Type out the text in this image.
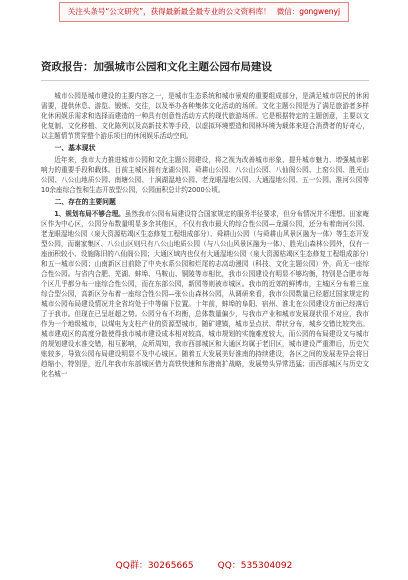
关注头条号“公文研究”，获得最新最全最专业的公文资料库！ 微信：gongwenyj
资政报告：加强城市公园和文化主题公园布局建设

城市公园是城市建设的主要内容之一，是城市生态系统和城市景观的重要组成部分，是满足城市居民的休闲需要，提供休息、游览、锻炼、交往，以及举办各种集体文化活动的场所。文化主题公园是为了满足旅游者多样化休闲娱乐需求和选择而建造的一种具有创意性活动方式的现代旅游场所。它是根据特定的主题创意，主要以文化复制、文化移植、文化陈列以及高新技术等手段，以虚拟环境塑造和园林环境为载体来迎合消费者的好奇心，以主题情节贯穿整个游乐项目的休闲娱乐活动空间。

一、基本现状

近年来，我市大力推进城市公园和文化主题公园建设，将之视为改善城市形象、提升城市魅力、增强城市影响力的重要手段和载体。目前主城区拥有龙湖公园、舜耕山公园、八公山公园、八仙阁公园、上窑公园、胜光山公园、八公山地质公园、南塘公园、十涧湖湿地公园、老龙眼湿地公园、大通湿地公园、五一公园、淮河公园等10余座综合性和生态开放型公园，公园面积总计约2000公顷。

二、存在的主要问题

1、规划布局不够合理。虽然我市公园布局建设符合国家规定的服务半径要求，但分布情况并不理想。田家庵区作为中心区，公园分布数量明显多余其他区，不仅有我市最大的综合性公园—龙湖公园，还分布着南河公园、老龙眼湿地公园（泉大资源枯竭区生态修复工程组成部分）、舜耕山公园（与舜耕山风景区融为一体）等生态开发型公园，而谢家集区、八公山区则只有八公山地质公园（与八公山风景区融为一体）、胜光山森林公园外，仅有一座面积较小、设施陈旧的八仙阁公园；大通区域内也仅有大通湿地公园（泉大资源枯竭区生态修复工程组成部分）和五一城市公园；山南新区目前除了中央水系公园和烂尾的志高动漫园（科技、文化主题公园）外，尚无一座综合性公园。与省内合肥、芜湖、蚌埠、马鞍山、铜陵等市相比，我市公园建设有明显不够均衡，特别是合肥市每个区几乎都分布一座综合性公园，而在东部公园，新园等则被市城区。我市的近郊的鲜博市，主城区分布着三座综合型公园，高新区分布着一座综合性公园—张公山森林公园，从调研来看，我市公园数量已经超过国家规定的城市公园布局建设情况并全省均处于中等偏下位置。十年前，蚌埠的阜阳、宿州、淮北在公园建设方面已经落后了于我市。但现在已呈赶超之势。公园分布不均衡，总体数量偏少，与我市产业和城市发展现状很不对应，我市作为一个地级城市，以煤电为支柱产业的资源型城市，随矿建镇，城市呈点状、带状分布，城乡交错比较突出。城市建成区的高度分散使得我市城市建设成本相对较高，城市规划的实施难度较大，而公园的布局建设又与城市的规划建设水准交错，相互影响，众所周知，我市西部城区和大通区均属于老旧区，城市建设严重滞后，历史欠账较多，导致公园布局建设明显不及中心城区。随着五大发展美好淮南的持续建设，各区之间的发展差异会将日趋缩小，特别是，近几年我市东部城区借力高铁快速和东港南扩战略，发展势头异常迅猛；而西部城区与历史文化名城一

QQ群：30265665	QQ：535304092
